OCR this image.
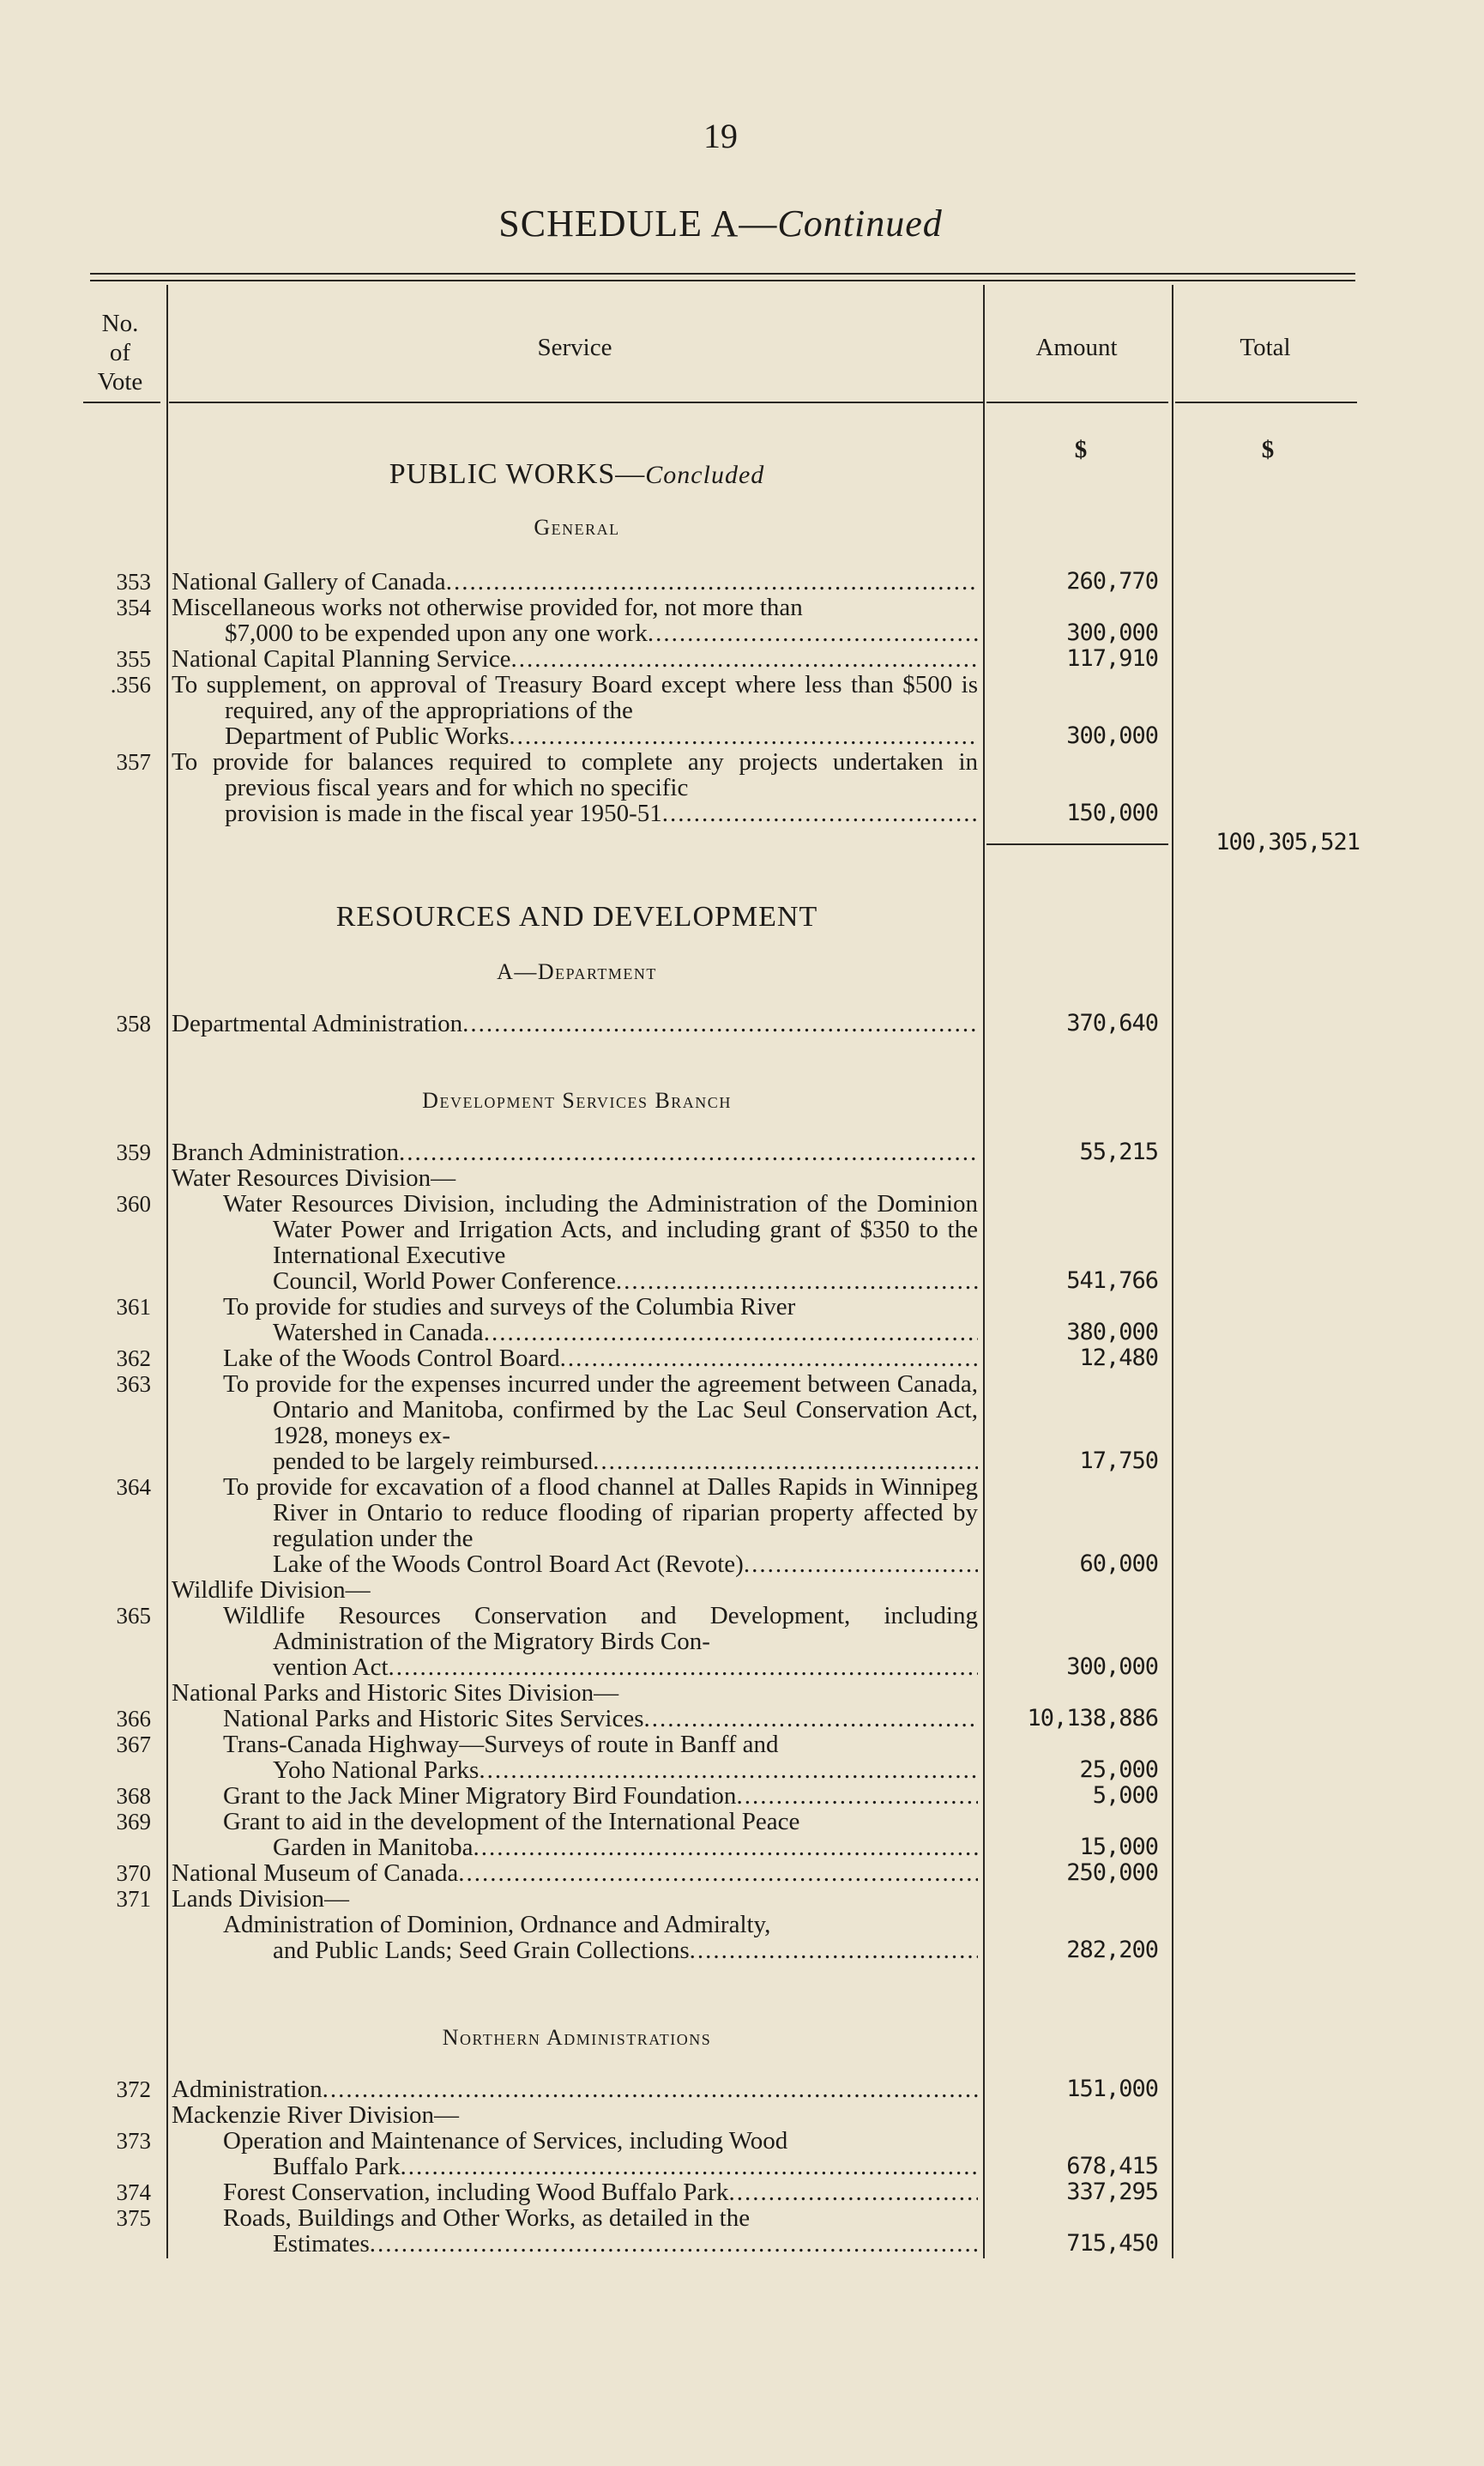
19
SCHEDULE A—Continued
No.
of
Vote
Service	Amount	Total
$	$
PUBLIC WORKS—Concluded
General
353 National Gallery of Canada .....	260,770
354 Miscellaneous works not otherwise provided for, not more than
$7,000 to be expended upon any one work .....	300,000
355 National Capital Planning Service .....	117,910
.356 To supplement, on approval of Treasury Board except where less than $500 is required, any of the appropriations of the
Department of Public Works .....	300,000
357 To provide for balances required to complete any projects undertaken in previous fiscal years and for which no specific
provision is made in the fiscal year 1950-51 .....	150,000
100,305,521
RESOURCES AND DEVELOPMENT
A—Department
358 Departmental Administration .....	370,640
Development Services Branch
359 Branch Administration .....	55,215
Water Resources Division—
360	Water Resources Division, including the Administration of the Dominion Water Power and Irrigation Acts, and including grant of $350 to the International Executive
Council, World Power Conference .....	541,766
361	To provide for studies and surveys of the Columbia River
Watershed in Canada .....	380,000
362	Lake of the Woods Control Board .....	12,480
363	To provide for the expenses incurred under the agreement between Canada, Ontario and Manitoba, confirmed by the Lac Seul Conservation Act, 1928, moneys ex-
pended to be largely reimbursed .....	17,750
364	To provide for excavation of a flood channel at Dalles Rapids in Winnipeg River in Ontario to reduce flooding of riparian property affected by regulation under the
Lake of the Woods Control Board Act (Revote) .....	60,000
Wildlife Division—
365	Wildlife Resources Conservation and Development, including Administration of the Migratory Birds Con-
vention Act .....	300,000
National Parks and Historic Sites Division—
366	National Parks and Historic Sites Services .....	10,138,886
367	Trans-Canada Highway—Surveys of route in Banff and
Yoho National Parks .....	25,000
368	Grant to the Jack Miner Migratory Bird Foundation .....	5,000
369	Grant to aid in the development of the International Peace
Garden in Manitoba .....	15,000
370 National Museum of Canada .....	250,000
371 Lands Division—
Administration of Dominion, Ordnance and Admiralty,
and Public Lands; Seed Grain Collections .....	282,200
Northern Administrations
372 Administration .....	151,000
Mackenzie River Division—
373	Operation and Maintenance of Services, including Wood
Buffalo Park .....	678,415
374	Forest Conservation, including Wood Buffalo Park .....	337,295
375	Roads, Buildings and Other Works, as detailed in the
Estimates .....	715,450
